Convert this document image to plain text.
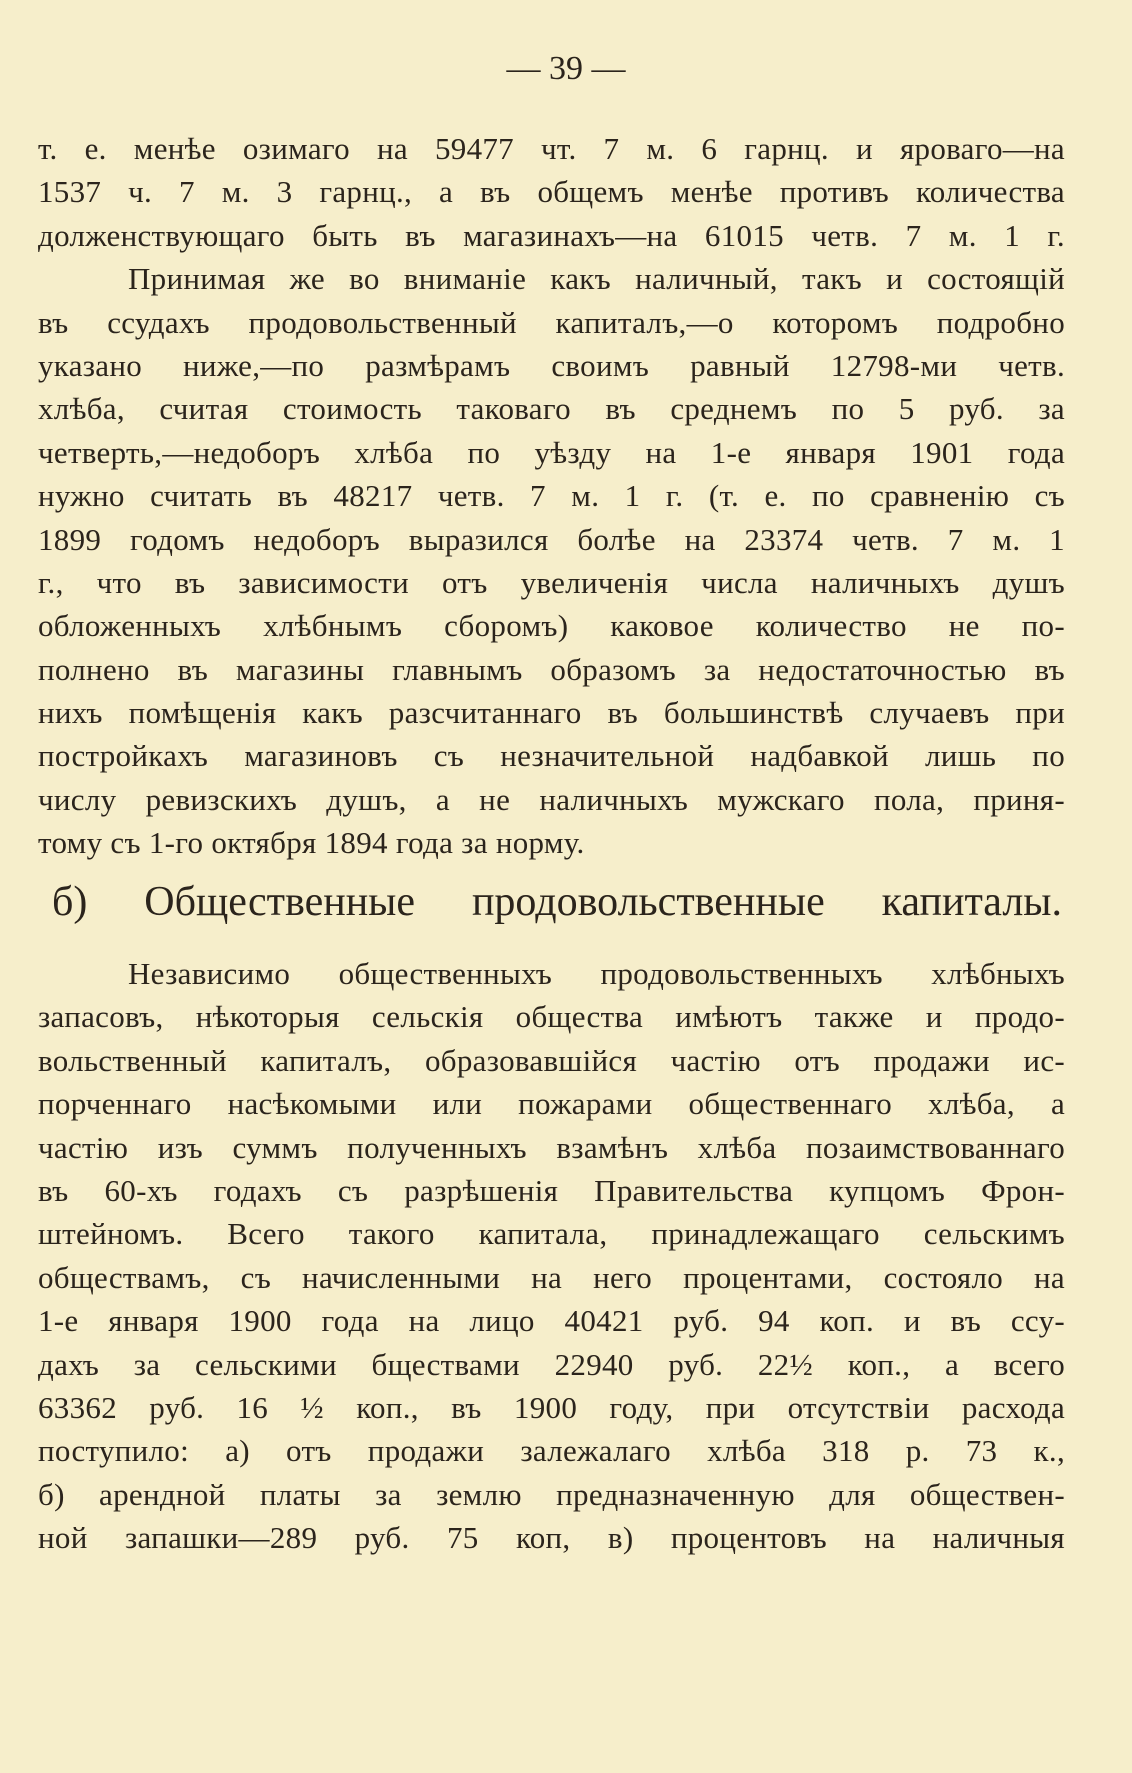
— 39 —
т. е. менѣе озимаго на 59477 чт. 7 м. 6 гарнц. и яроваго—на
1537 ч. 7 м. 3 гарнц., а въ общемъ менѣе противъ количества
долженствующаго быть въ магазинахъ—на 61015 четв. 7 м. 1 г.
Принимая же во вниманіе какъ наличный, такъ и состоящій
въ ссудахъ продовольственный капиталъ,—о которомъ подробно
указано ниже,—по размѣрамъ своимъ равный 12798-ми четв.
хлѣба, считая стоимость таковаго въ среднемъ по 5 руб. за
четверть,—недоборъ хлѣба по уѣзду на 1-е января 1901 года
нужно считать въ 48217 четв. 7 м. 1 г. (т. е. по сравненію съ
1899 годомъ недоборъ выразился болѣе на 23374 четв. 7 м. 1
г., что въ зависимости отъ увеличенія числа наличныхъ душъ
обложенныхъ хлѣбнымъ сборомъ) каковое количество не по-
полнено въ магазины главнымъ образомъ за недостаточностью въ
нихъ помѣщенія какъ разсчитаннаго въ большинствѣ случаевъ при
постройкахъ магазиновъ съ незначительной надбавкой лишь по
числу ревизскихъ душъ, а не наличныхъ мужскаго пола, приня-
тому съ 1-го октября 1894 года за норму.
б) Общественные продовольственные капиталы.
Независимо общественныхъ продовольственныхъ хлѣбныхъ
запасовъ, нѣкоторыя сельскія общества имѣютъ также и продо-
вольственный капиталъ, образовавшійся частію отъ продажи ис-
порченнаго насѣкомыми или пожарами общественнаго хлѣба, а
частію изъ суммъ полученныхъ взамѣнъ хлѣба позаимствованнаго
въ 60-хъ годахъ съ разрѣшенія Правительства купцомъ Фрон-
штейномъ. Всего такого капитала, принадлежащаго сельскимъ
обществамъ, съ начисленными на него процентами, состояло на
1-е января 1900 года на лицо 40421 руб. 94 коп. и въ ссу-
дахъ за сельскими бществами 22940 руб. 22½ коп., а всего
63362 руб. 16 ½ коп., въ 1900 году, при отсутствіи расхода
поступило: а) отъ продажи залежалаго хлѣба 318 р. 73 к.,
б) арендной платы за землю предназначенную для обществен-
ной запашки—289 руб. 75 коп, в) процентовъ на наличныя
